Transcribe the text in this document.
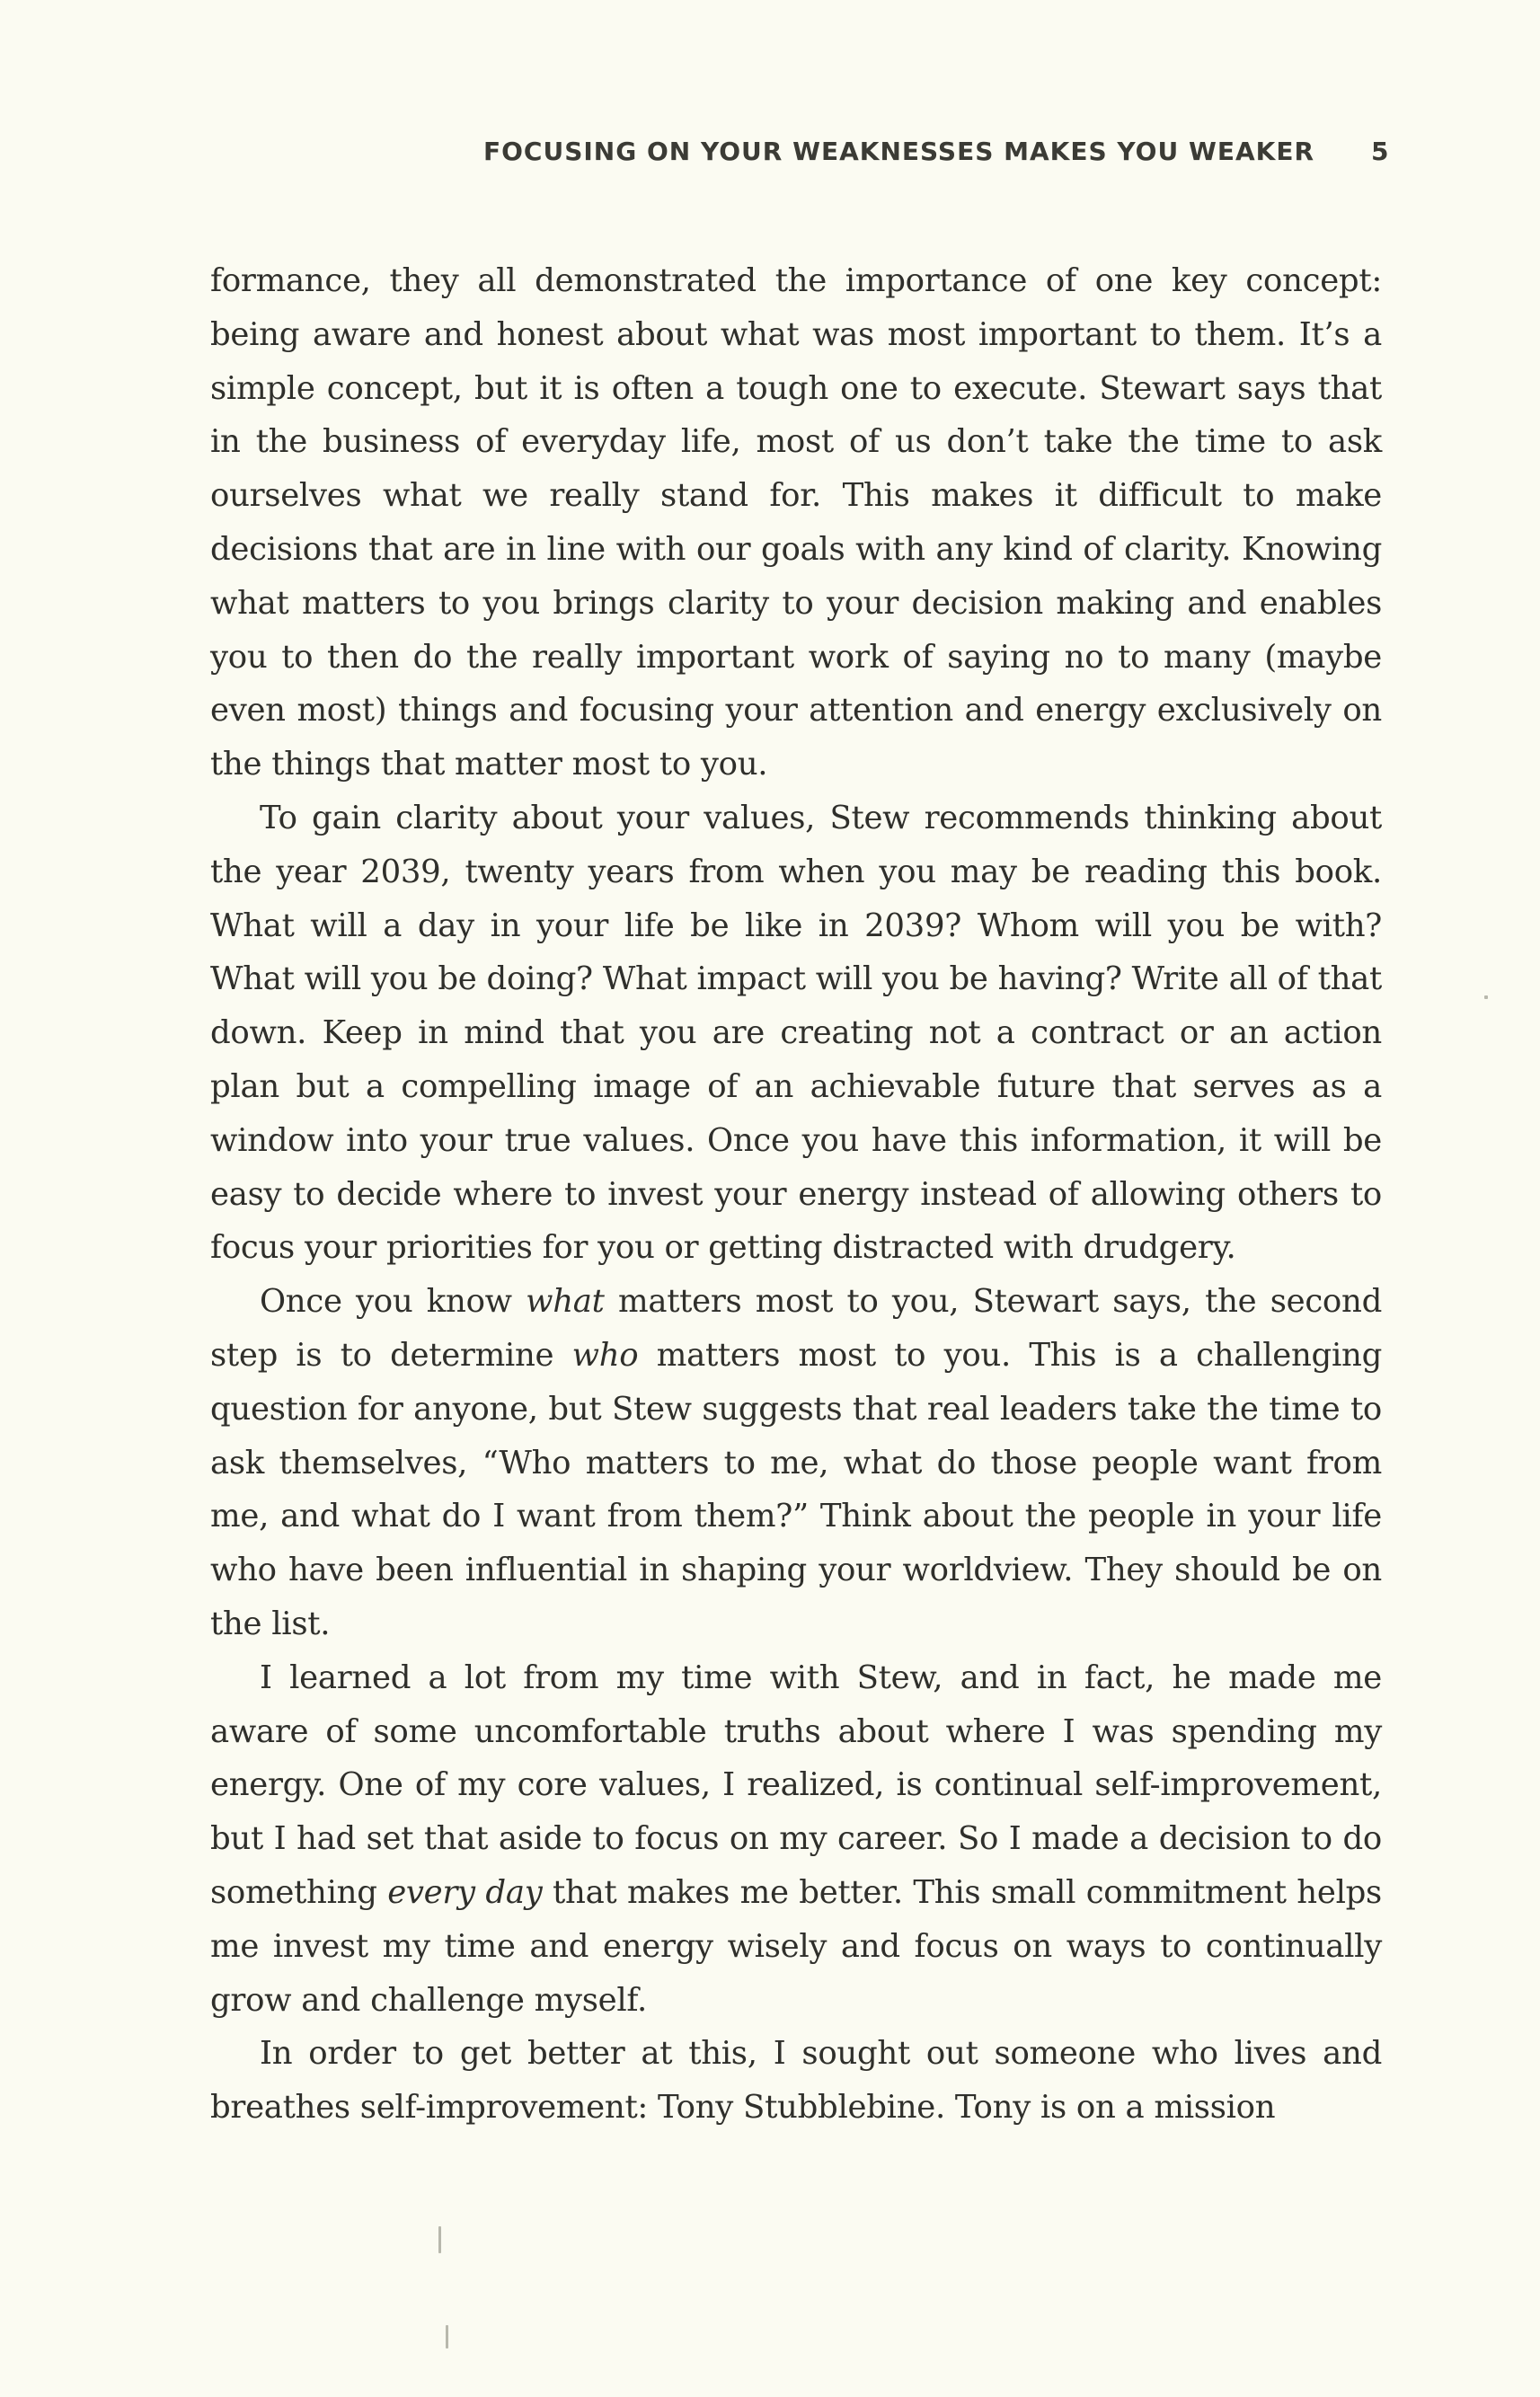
FOCUSING ON YOUR WEAKNESSES MAKES YOU WEAKER 5

formance, they all demonstrated the importance of one key concept: being aware and honest about what was most important to them. It’s a simple concept, but it is often a tough one to execute. Stewart says that in the business of everyday life, most of us don’t take the time to ask ourselves what we really stand for. This makes it difficult to make decisions that are in line with our goals with any kind of clarity. Knowing what matters to you brings clarity to your decision making and enables you to then do the really important work of saying no to many (maybe even most) things and focusing your attention and energy exclusively on the things that matter most to you.

To gain clarity about your values, Stew recommends thinking about the year 2039, twenty years from when you may be reading this book. What will a day in your life be like in 2039? Whom will you be with? What will you be doing? What impact will you be having? Write all of that down. Keep in mind that you are creating not a contract or an action plan but a compelling image of an achievable future that serves as a window into your true values. Once you have this information, it will be easy to decide where to invest your energy instead of allowing others to focus your priorities for you or getting distracted with drudgery.

Once you know what matters most to you, Stewart says, the second step is to determine who matters most to you. This is a challenging question for anyone, but Stew suggests that real leaders take the time to ask themselves, “Who matters to me, what do those people want from me, and what do I want from them?” Think about the people in your life who have been influential in shaping your worldview. They should be on the list.

I learned a lot from my time with Stew, and in fact, he made me aware of some uncomfortable truths about where I was spending my energy. One of my core values, I realized, is continual self-improvement, but I had set that aside to focus on my career. So I made a decision to do something every day that makes me better. This small commitment helps me invest my time and energy wisely and focus on ways to continually grow and challenge myself.

In order to get better at this, I sought out someone who lives and breathes self-improvement: Tony Stubblebine. Tony is on a mission
